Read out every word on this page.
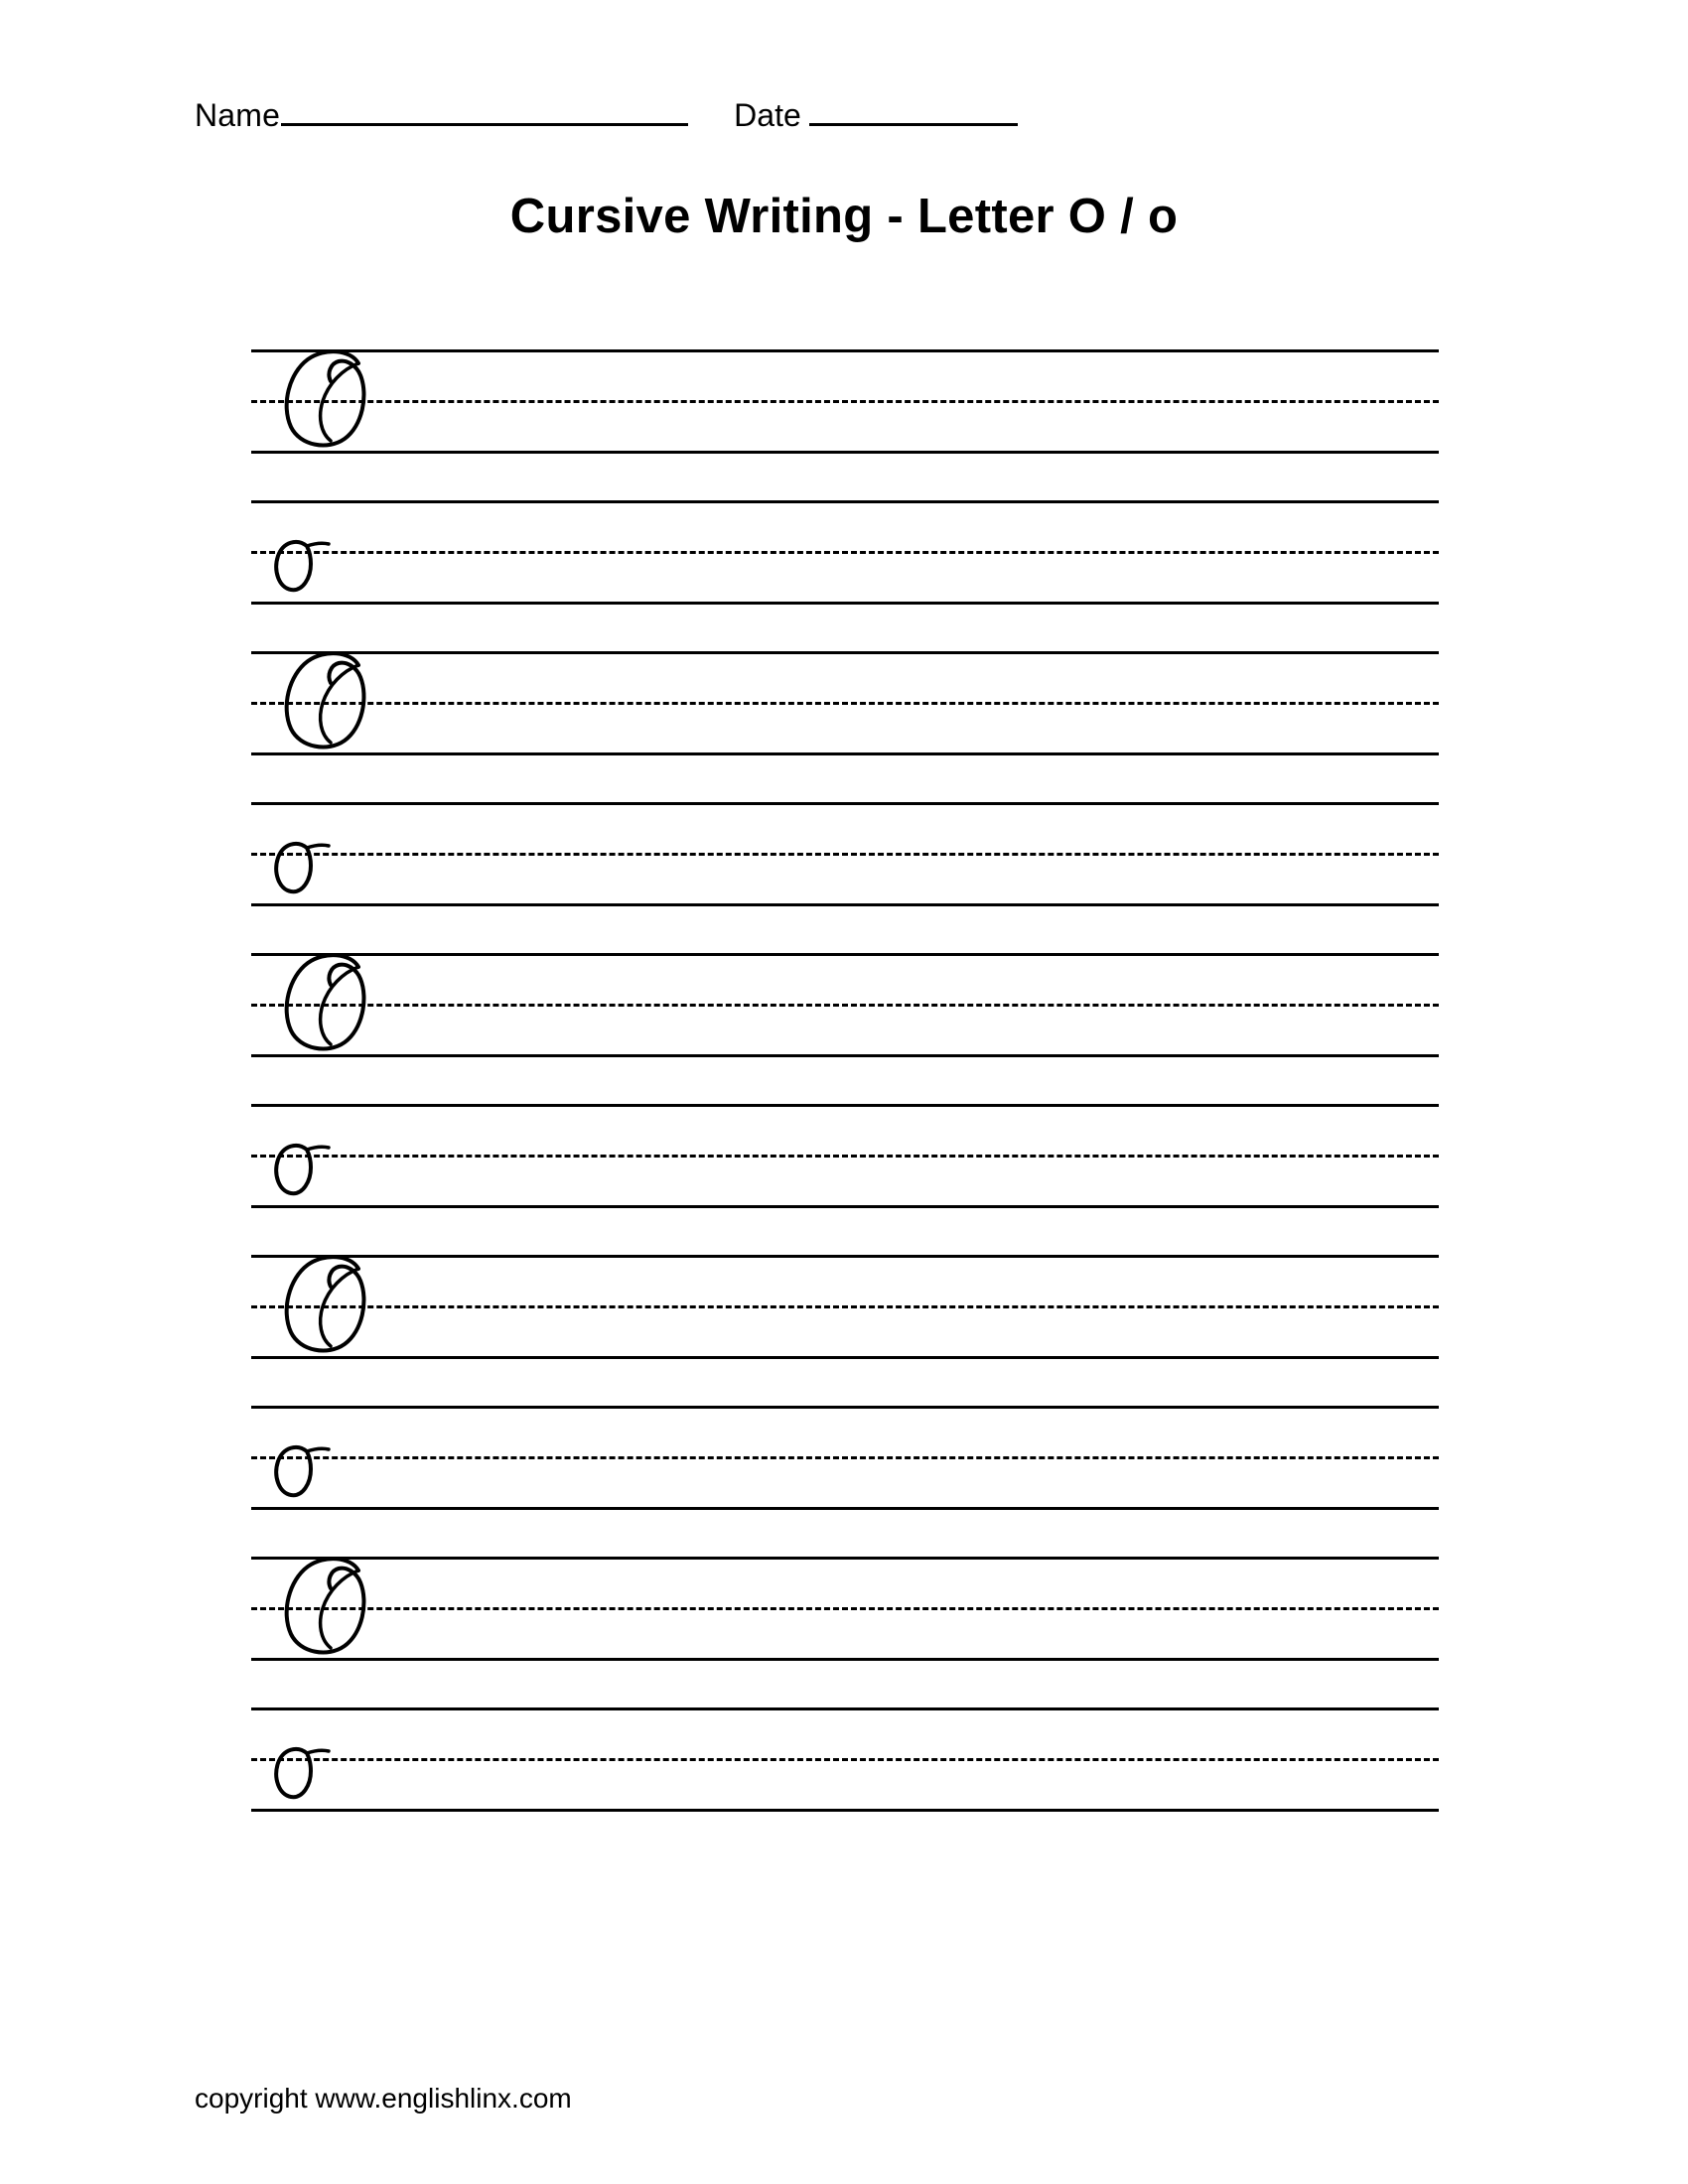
Name	Date
Cursive Writing - Letter O / o
copyright www.englishlinx.com
